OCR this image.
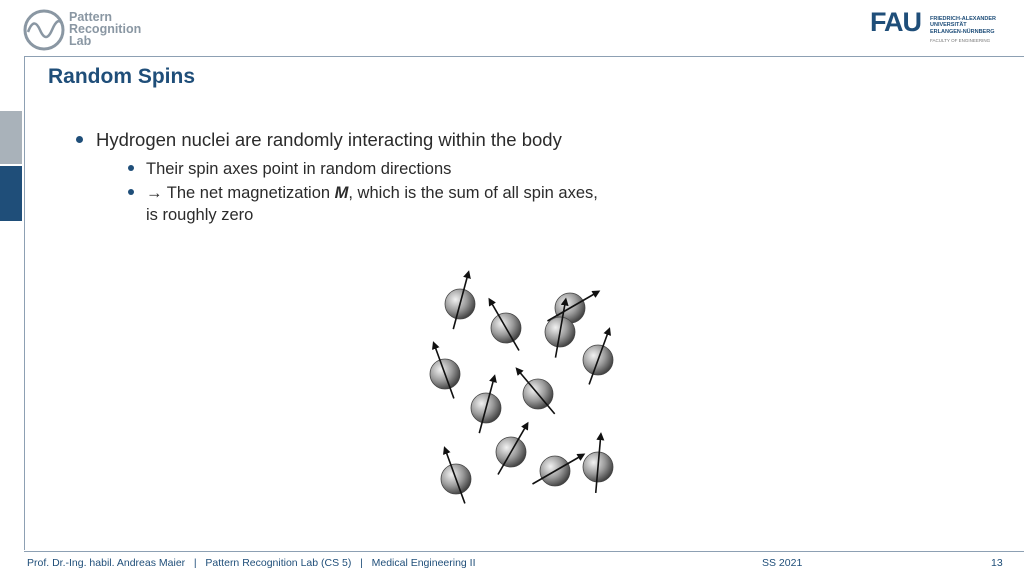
Pattern
Recognition
Lab
FAU FRIEDRICH-ALEXANDER
UNIVERSITÄT
ERLANGEN-NÜRNBERG
FACULTY OF ENGINEERING
Random Spins
Hydrogen nuclei are randomly interacting within the body
Their spin axes point in random directions
→ The net magnetization M, which is the sum of all spin axes,
is roughly zero
Prof. Dr.-Ing. habil. Andreas Maier | Pattern Recognition Lab (CS 5) | Medical Engineering II	SS 2021	13
